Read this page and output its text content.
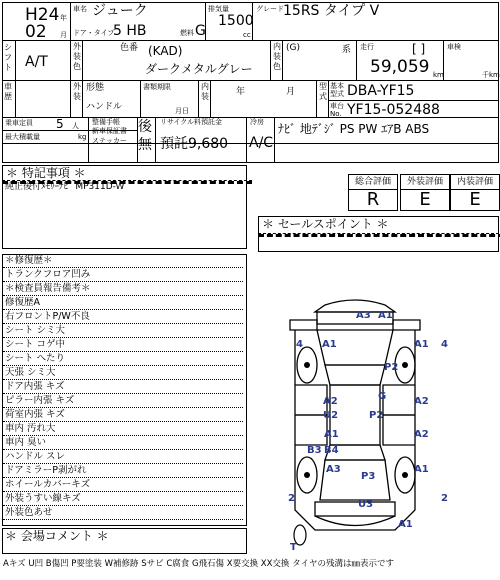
H24 年
02 月
車名 ジューク
ドア・タイプ
5 HB	燃料 G
排気量
1500
cc
グレード 15RS タイプ V
シフト A/T
外装色
色番 (KAD)
ダークメタルグレー
内装色
(G)	系 走行	[ ]
59,059 km
車検
千km
車歴
外装
形態
ハンドル
書類期限
月日
内装	年	月
型式
基本型式 DBA-YF15
車台No. YF15-052488
乗車定員 5 人
最大積載量	kg
整備手帳
新車保証書
ステッカー
後
無
リサイクル料預託金
預託9,680
冷房
A/C
ﾅﾋﾞ 地ﾃﾞｼﾞ PS PW ｴｱB ABS
＊ 特記事項 ＊
純正後付ﾒﾓﾘｰﾅﾋﾞ MP311D-W	総合評価	外装評価	内装評価
R	E	E
＊ セールスポイント ＊
＊修復歴＊
トランクフロア凹み
＊検査員報告備考＊
修復歴A
右フロントP/W不良
シート シミ大
シート コゲ中
シート へたり
天張 シミ大
ドア内張 キズ
ピラー内張 キズ
荷室内張 キズ
車内 汚れ大
車内 臭い
ハンドル スレ
ドアミラーP剥がれ
ホイールカバーキズ
外装うすい線キズ
外装色あせ
＊ 会場コメント ＊
A3 A1
A1	A1
P2
G
A2	A2
U2	P2
A2
B3 B4
A1
A3
P3
A1
U3
A1
4	4
2	2
T
Aキズ U凹 B傷凹 P要塗装 W補修跡 Sサビ C腐食 G飛石傷 X要交換 XX交換 タイヤの残溝は㎜表示です
